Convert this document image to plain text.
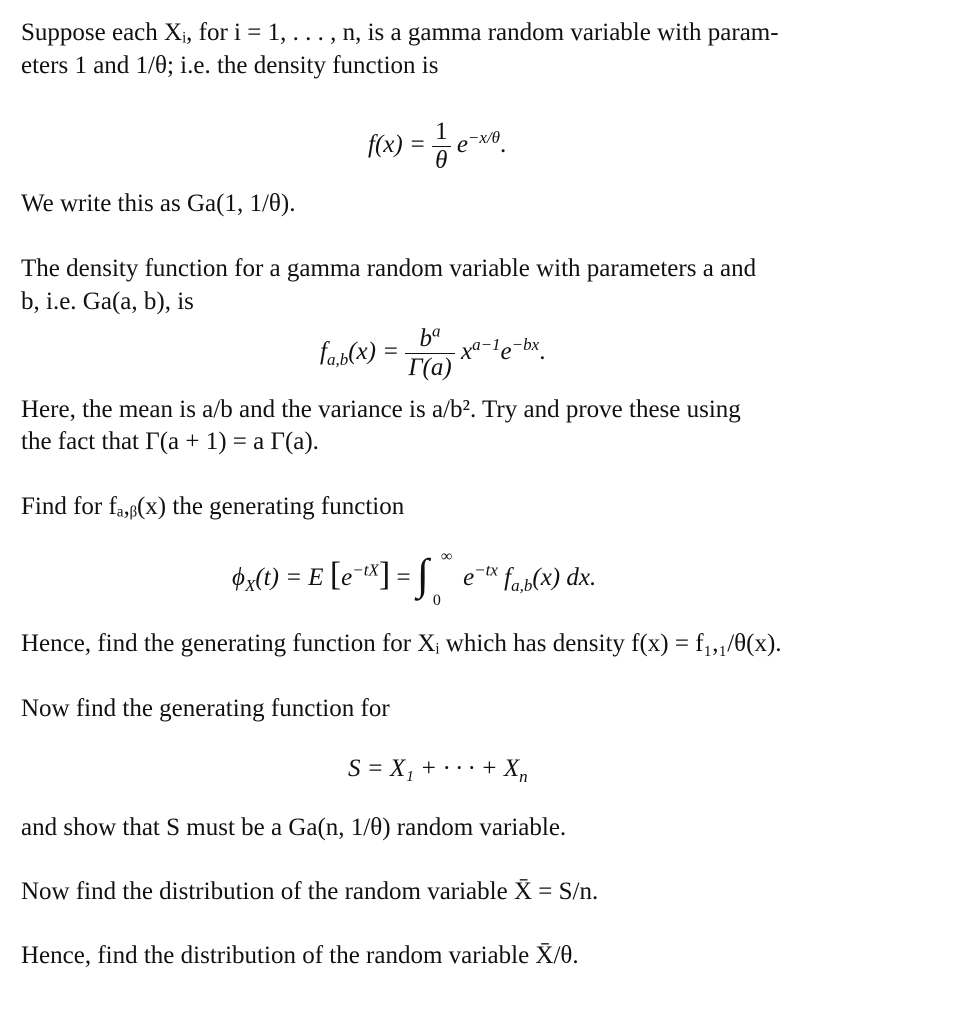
Suppose each Xᵢ, for i = 1, . . . , n, is a gamma random variable with param-
eters 1 and 1/θ; i.e. the density function is
$f(x) = \frac{1}{\theta} e^{-x/\theta}$.
We write this as Ga(1, 1/θ).
The density function for a gamma random variable with parameters a and
b, i.e. Ga(a, b), is
$f_{a,b}(x) = \frac{b^a}{\Gamma(a)} x^{a-1}e^{-bx}$.
Here, the mean is a/b and the variance is a/b². Try and prove these using
the fact that Γ(a + 1) = a Γ(a).
Find for fₐ,ᵦ(x) the generating function
$\phi_X(t) = E$ $[e^{-tX}]$ = ∫ ∞
0
$e^{-tx}$ $f_{a,b}(x)$ dx.
Hence, find the generating function for Xᵢ which has density f(x) = f₁,₁/θ(x).
Now find the generating function for
S = X₁ + · · · + $X_n$
and show that S must be a Ga(n, 1/θ) random variable.
Now find the distribution of the random variable X̄ = S/n.
Hence, find the distribution of the random variable X̄/θ.
